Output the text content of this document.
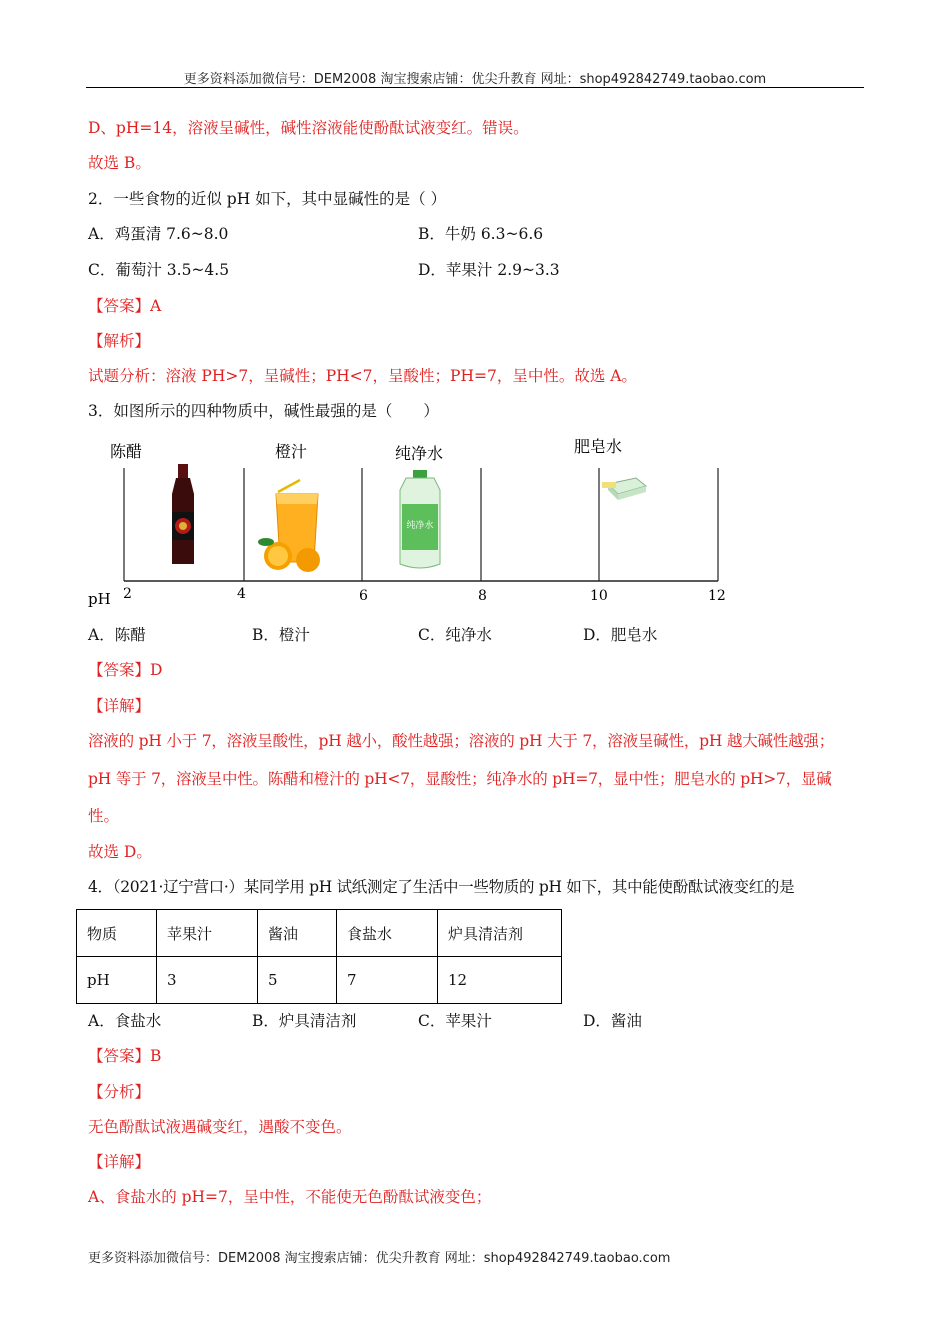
更多资料添加微信号：DEM2008 淘宝搜索店铺：优尖升教育 网址：shop492842749.taobao.com
D、pH=14，溶液呈碱性，碱性溶液能使酚酞试液变红。错误。
故选 B。
2．一些食物的近似 pH 如下，其中显碱性的是（ ）
A．鸡蛋清 7.6~8.0	B．牛奶 6.3~6.6
C．葡萄汁 3.5~4.5	D．苹果汁 2.9~3.3
【答案】A
【解析】
试题分析：溶液 PH>7，呈碱性；PH<7，呈酸性；PH=7，呈中性。故选 A。
3．如图所示的四种物质中，碱性最强的是（　　）
陈醋	橙汁	纯净水	肥皂水
pH 2	4	6	8	10	12
纯净水
A．陈醋	B．橙汁	C．纯净水	D．肥皂水
【答案】D
【详解】
溶液的 pH 小于 7，溶液呈酸性，pH 越小，酸性越强；溶液的 pH 大于 7，溶液呈碱性，pH 越大碱性越强；
pH 等于 7，溶液呈中性。陈醋和橙汁的 pH<7，显酸性；纯净水的 pH=7，显中性；肥皂水的 pH>7，显碱
性。
故选 D。
4．（2021·辽宁营口·）某同学用 pH 试纸测定了生活中一些物质的 pH 如下，其中能使酚酞试液变红的是
物质	苹果汁	酱油	食盐水	炉具清洁剂
pH	3	5	7	12
A．食盐水	B．炉具清洁剂	C．苹果汁	D．酱油
【答案】B
【分析】
无色酚酞试液遇碱变红，遇酸不变色。
【详解】
A、食盐水的 pH=7，呈中性，不能使无色酚酞试液变色；
更多资料添加微信号：DEM2008 淘宝搜索店铺：优尖升教育 网址：shop492842749.taobao.com
